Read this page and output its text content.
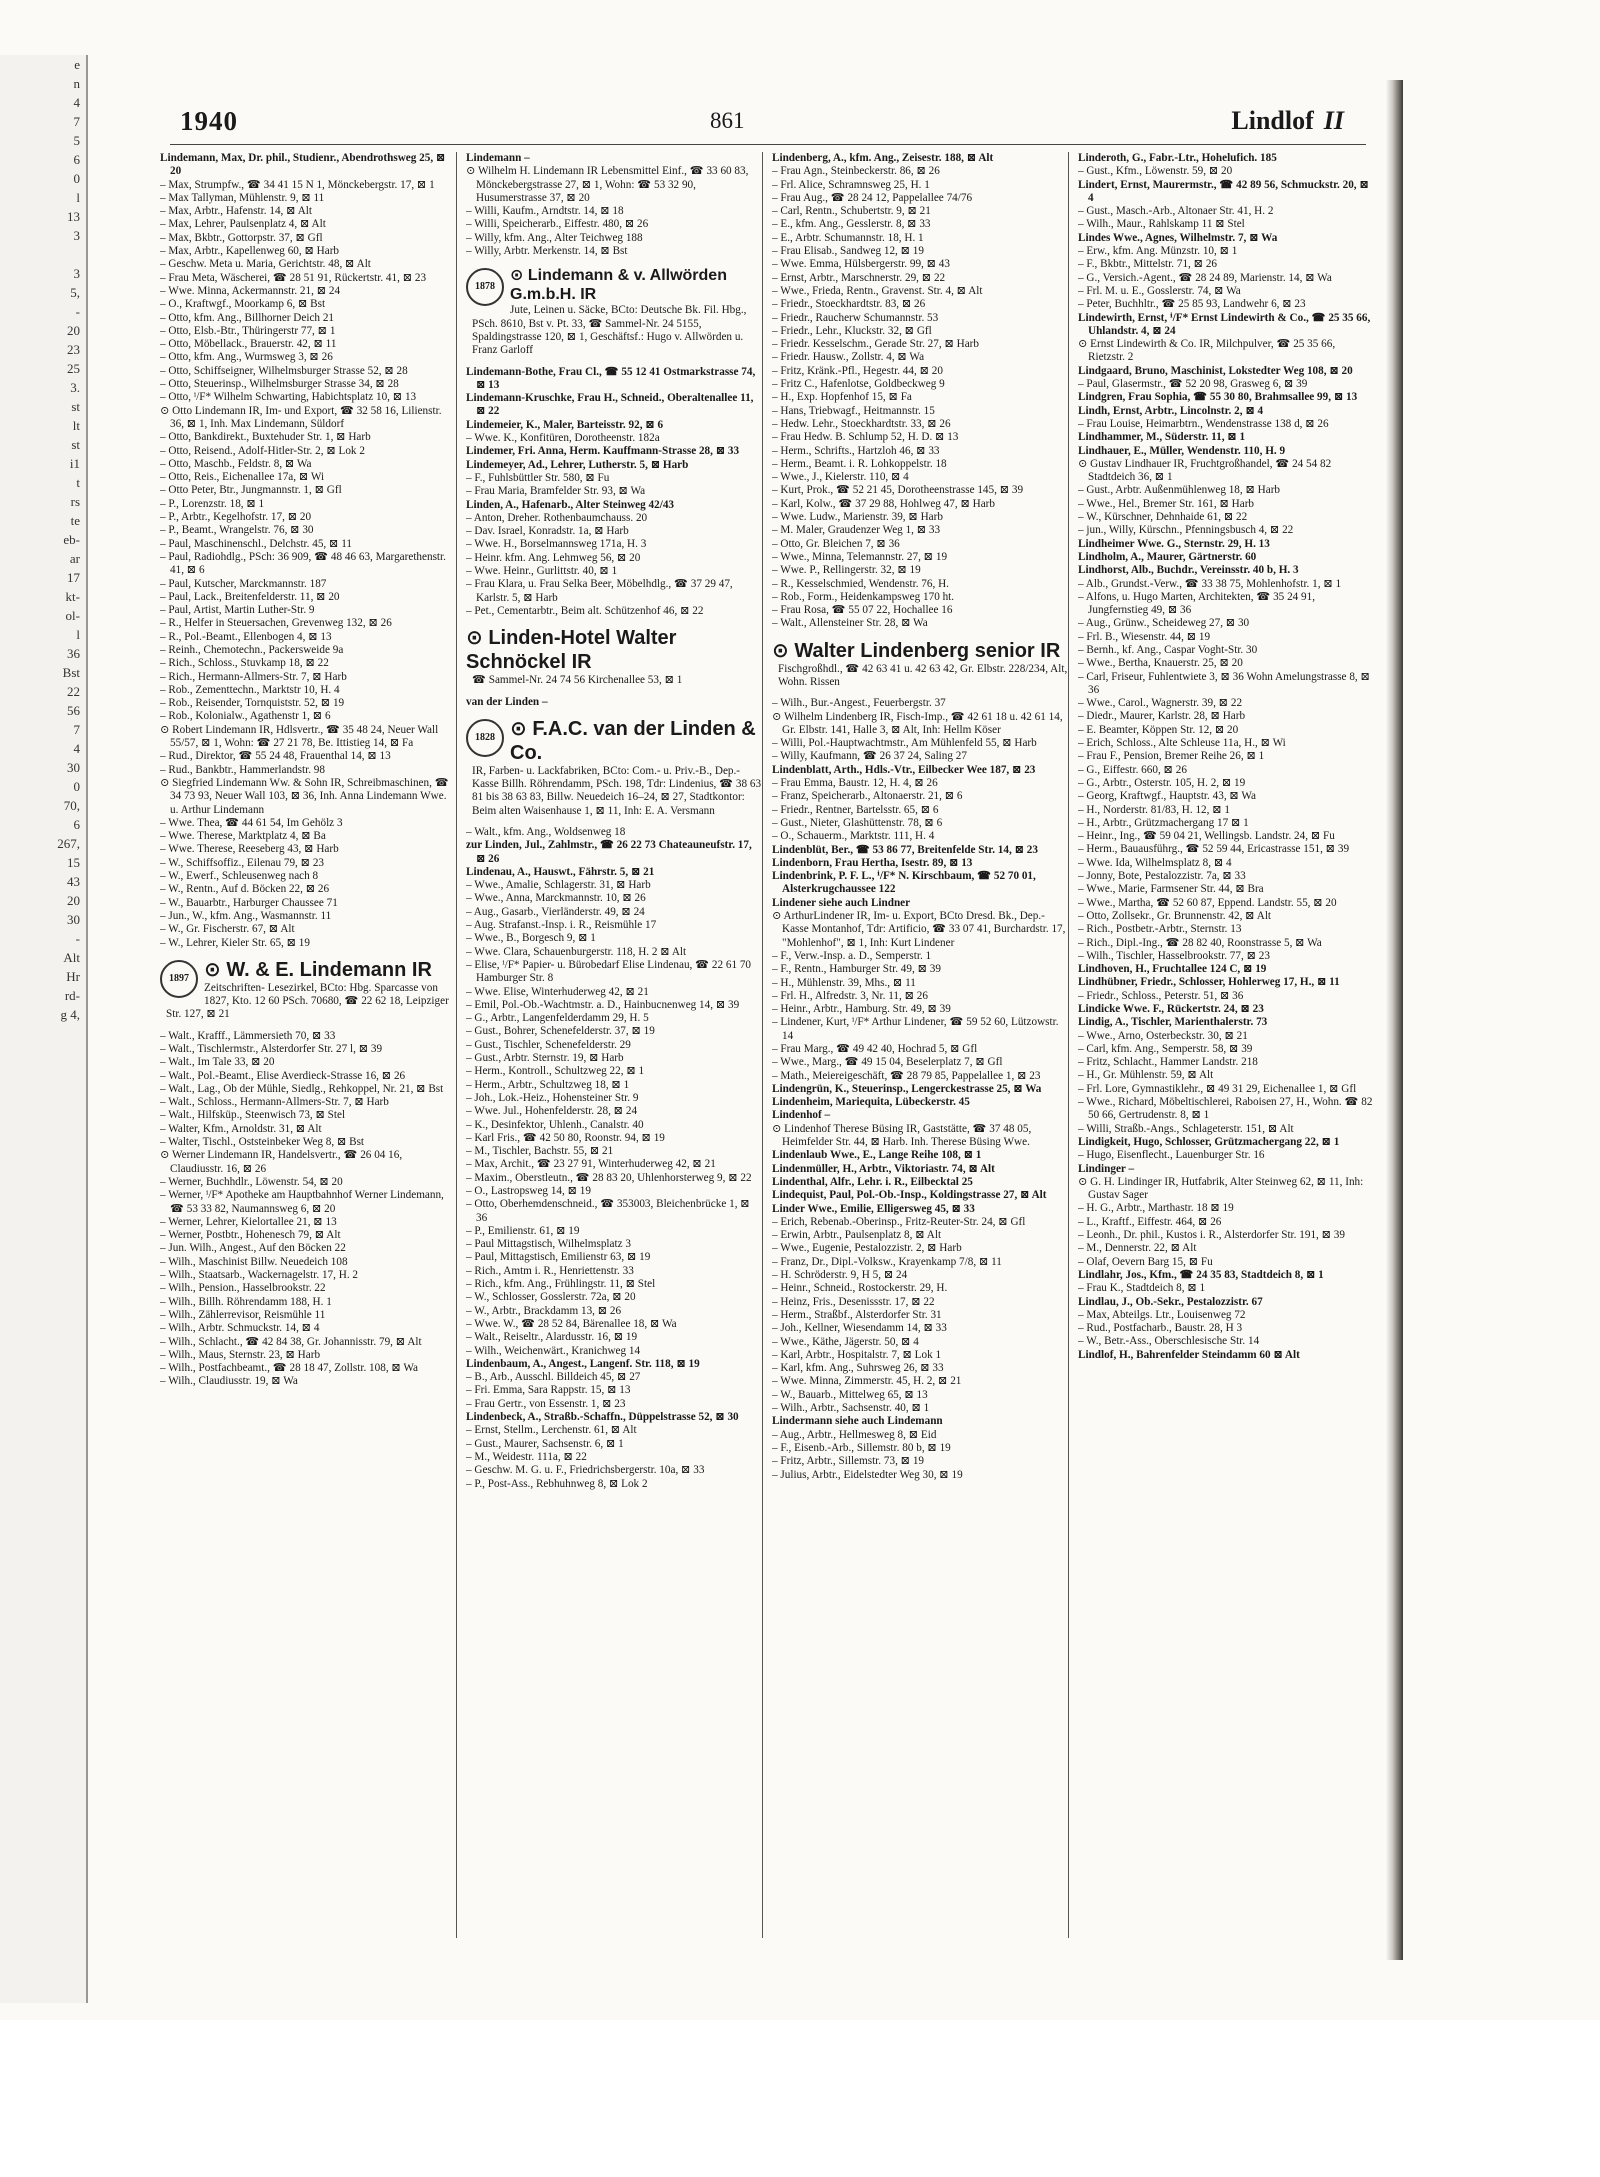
e
n
4
7
5
6
0
l
13
3

3
5,
-
20
23
25
3.
st
lt
st
i1
t
rs
te
eb-
ar
17
kt-
ol-
l
36
Bst
22
56
7
4
30
0
70,
6
267,
15
43
20
30
-
Alt
Hr
rd-
g 4,
1940	861	Lindlof II

Lindemann, Max, Dr. phil., Studienr., Abendrothsweg 25, ⊠ 20

– Max, Strumpfw., ☎ 34 41 15 N 1, Mönckebergstr. 17, ⊠ 1

– Max Tallyman, Mühlenstr. 9, ⊠ 11

– Max, Arbtr., Hafenstr. 14, ⊠ Alt

– Max, Lehrer, Paulsenplatz 4, ⊠ Alt

– Max, Bkbtr., Gottorpstr. 37, ⊠ Gfl

– Max, Arbtr., Kapellenweg 60, ⊠ Harb

– Geschw. Meta u. Maria, Gerichtstr. 48, ⊠ Alt

– Frau Meta, Wäscherei, ☎ 28 51 91, Rückertstr. 41, ⊠ 23

– Wwe. Minna, Ackermannstr. 21, ⊠ 24

– O., Kraftwgf., Moorkamp 6, ⊠ Bst

– Otto, kfm. Ang., Billhorner Deich 21

– Otto, Elsb.-Btr., Thüringerstr 77, ⊠ 1

– Otto, Möbellack., Brauerstr. 42, ⊠ 11

– Otto, kfm. Ang., Wurmsweg 3, ⊠ 26

– Otto, Schiffseigner, Wilhelmsburger Strasse 52, ⊠ 28

– Otto, Steuerinsp., Wilhelmsburger Strasse 34, ⊠ 28

– Otto, ⁱ/F* Wilhelm Schwarting, Habichtsplatz 10, ⊠ 13

⊙ Otto Lindemann IR, Im- und Export, ☎ 32 58 16, Lilienstr. 36, ⊠ 1, Inh. Max Lindemann, Süldorf

– Otto, Bankdirekt., Buxtehuder Str. 1, ⊠ Harb

– Otto, Reisend., Adolf-Hitler-Str. 2, ⊠ Lok 2

– Otto, Maschb., Feldstr. 8, ⊠ Wa

– Otto, Reis., Eichenallee 17a, ⊠ Wi

– Otto Peter, Btr., Jungmannstr. 1, ⊠ Gfl

– P., Lorenzstr. 18, ⊠ 1

– P., Arbtr., Kegelhofstr. 17, ⊠ 20

– P., Beamt., Wrangelstr. 76, ⊠ 30

– Paul, Maschinenschl., Delchstr. 45, ⊠ 11

– Paul, Radiohdlg., PSch: 36 909, ☎ 48 46 63, Margarethenstr. 41, ⊠ 6

– Paul, Kutscher, Marckmannstr. 187

– Paul, Lack., Breitenfelderstr. 11, ⊠ 20

– Paul, Artist, Martin Luther-Str. 9

– R., Helfer in Steuersachen, Grevenweg 132, ⊠ 26

– R., Pol.-Beamt., Ellenbogen 4, ⊠ 13

– Reinh., Chemotechn., Packersweide 9a

– Rich., Schloss., Stuvkamp 18, ⊠ 22

– Rich., Hermann-Allmers-Str. 7, ⊠ Harb

– Rob., Zementtechn., Marktstr 10, H. 4

– Rob., Reisender, Tornquiststr. 52, ⊠ 19

– Rob., Kolonialw., Agathenstr 1, ⊠ 6

⊙ Robert Lindemann IR, Hdlsvertr., ☎ 35 48 24, Neuer Wall 55/57, ⊠ 1, Wohn: ☎ 27 21 78, Be. Ittistieg 14, ⊠ Fa

– Rud., Direktor, ☎ 55 24 48, Frauenthal 14, ⊠ 13

– Rud., Bankbtr., Hammerlandstr. 98

⊙ Siegfried Lindemann Ww. & Sohn IR, Schreibmaschinen, ☎ 34 73 93, Neuer Wall 103, ⊠ 36, Inh. Anna Lindemann Wwe. u. Arthur Lindemann

– Wwe. Thea, ☎ 44 61 54, Im Gehölz 3

– Wwe. Therese, Marktplatz 4, ⊠ Ba

– Wwe. Therese, Reeseberg 43, ⊠ Harb

– W., Schiffsoffiz., Eilenau 79, ⊠ 23

– W., Ewerf., Schleusenweg nach 8

– W., Rentn., Auf d. Böcken 22, ⊠ 26

– W., Bauarbtr., Harburger Chaussee 71

– Jun., W., kfm. Ang., Wasmannstr. 11

– W., Gr. Fischerstr. 67, ⊠ Alt

– W., Lehrer, Kieler Str. 65, ⊠ 19

1897 ⊙ W. & E. Lindemann IR
Zeitschriften- Lesezirkel, BCto: Hbg. Sparcasse von 1827, Kto. 12 60 PSch. 70680, ☎ 22 62 18, Leipziger Str. 127, ⊠ 21

– Walt., Krafff., Lämmersieth 70, ⊠ 33

– Walt., Tischlermstr., Alsterdorfer Str. 27 l, ⊠ 39

– Walt., Im Tale 33, ⊠ 20

– Walt., Pol.-Beamt., Elise Averdieck-Strasse 16, ⊠ 26

– Walt., Lag., Ob der Mühle, Siedlg., Rehkoppel, Nr. 21, ⊠ Bst

– Walt., Schloss., Hermann-Allmers-Str. 7, ⊠ Harb

– Walt., Hilfsküp., Steenwisch 73, ⊠ Stel

– Walter, Kfm., Arnoldstr. 31, ⊠ Alt

– Walter, Tischl., Oststeinbeker Weg 8, ⊠ Bst

⊙ Werner Lindemann IR, Handelsvertr., ☎ 26 04 16, Claudiusstr. 16, ⊠ 26

– Werner, Buchhdlr., Löwenstr. 54, ⊠ 20

– Werner, ⁱ/F* Apotheke am Hauptbahnhof Werner Lindemann, ☎ 53 33 82, Naumannsweg 6, ⊠ 20

– Werner, Lehrer, Kielortallee 21, ⊠ 13

– Werner, Postbtr., Hohenesch 79, ⊠ Alt

– Jun. Wilh., Angest., Auf den Böcken 22

– Wilh., Maschinist Billw. Neuedeich 108

– Wilh., Staatsarb., Wackernagelstr. 17, H. 2

– Wilh., Pension., Hasselbrookstr. 22

– Wilh., Billh. Röhrendamm 188, H. 1

– Wilh., Zählerrevisor, Reismühle 11

– Wilh., Arbtr. Schmuckstr. 14, ⊠ 4

– Wilh., Schlacht., ☎ 42 84 38, Gr. Johannisstr. 79, ⊠ Alt

– Wilh., Maus, Sternstr. 23, ⊠ Harb

– Wilh., Postfachbeamt., ☎ 28 18 47, Zollstr. 108, ⊠ Wa

– Wilh., Claudiusstr. 19, ⊠ Wa

Lindemann –

⊙ Wilhelm H. Lindemann IR Lebensmittel Einf., ☎ 33 60 83, Mönckebergstrasse 27, ⊠ 1, Wohn: ☎ 53 32 90, Husumerstrasse 37, ⊠ 20

– Willi, Kaufm., Arndtstr. 14, ⊠ 18

– Willi, Speicherarb., Eiffestr. 480, ⊠ 26

– Willy, kfm. Ang., Alter Teichweg 188

– Willy, Arbtr. Merkenstr. 14, ⊠ Bst

1878
⊙ Lindemann & v. Allwörden G.m.b.H. IR
Jute, Leinen u. Säcke, BCto: Deutsche Bk. Fil. Hbg., PSch. 8610, Bst v. Pt. 33, ☎ Sammel-Nr. 24 5155, Spaldingstrasse 120, ⊠ 1, Geschäftsf.: Hugo v. Allwörden u. Franz Garloff

Lindemann-Bothe, Frau Cl., ☎ 55 12 41 Ostmarkstrasse 74, ⊠ 13

Lindemann-Kruschke, Frau H., Schneid., Oberaltenallee 11, ⊠ 22

Lindemeier, K., Maler, Barteisstr. 92, ⊠ 6

– Wwe. K., Konfitüren, Dorotheenstr. 182a

Lindemer, Fri. Anna, Herm. Kauffmann-Strasse 28, ⊠ 33

Lindemeyer, Ad., Lehrer, Lutherstr. 5, ⊠ Harb

– F., Fuhlsbüttler Str. 580, ⊠ Fu

– Frau Maria, Bramfelder Str. 93, ⊠ Wa

Linden, A., Hafenarb., Alter Steinweg 42/43

– Anton, Dreher. Rothenbaumchauss. 20

– Dav. Israel, Konradstr. 1a, ⊠ Harb

– Wwe. H., Borselmannsweg 171a, H. 3

– Heinr. kfm. Ang. Lehmweg 56, ⊠ 20

– Wwe. Heinr., Gurlittstr. 40, ⊠ 1

– Frau Klara, u. Frau Selka Beer, Möbelhdlg., ☎ 37 29 47, Karlstr. 5, ⊠ Harb

– Pet., Cementarbtr., Beim alt. Schützenhof 46, ⊠ 22

⊙ Linden-Hotel Walter Schnöckel IR
☎ Sammel-Nr. 24 74 56 Kirchenallee 53, ⊠ 1

van der Linden –

1828 ⊙ F.A.C. van der Linden & Co.
IR, Farben- u. Lackfabriken, BCto: Com.- u. Priv.-B., Dep.-Kasse Billh. Röhrendamm, PSch. 198, Tdr: Lindenius, ☎ 38 63 81 bis 38 63 83, Billw. Neuedeich 16–24, ⊠ 27, Stadtkontor: Beim alten Waisenhause 1, ⊠ 11, Inh: E. A. Versmann

– Walt., kfm. Ang., Woldsenweg 18

zur Linden, Jul., Zahlmstr., ☎ 26 22 73 Chateauneufstr. 17, ⊠ 26

Lindenau, A., Hauswt., Fährstr. 5, ⊠ 21

– Wwe., Amalie, Schlagerstr. 31, ⊠ Harb

– Wwe., Anna, Marckmannstr. 10, ⊠ 26

– Aug., Gasarb., Vierländerstr. 49, ⊠ 24

– Aug. Strafanst.-Insp. i. R., Reismühle 17

– Wwe., B., Borgesch 9, ⊠ 1

– Wwe. Clara, Schauenburgerstr. 118, H. 2 ⊠ Alt

– Elise, ⁱ/F* Papier- u. Bürobedarf Elise Lindenau, ☎ 22 61 70 Hamburger Str. 8

– Wwe. Elise, Winterhuderweg 42, ⊠ 21

– Emil, Pol.-Ob.-Wachtmstr. a. D., Hainbucnenweg 14, ⊠ 39

– G., Arbtr., Langenfelderdamm 29, H. 5

– Gust., Bohrer, Schenefelderstr. 37, ⊠ 19

– Gust., Tischler, Schenefelderstr. 29

– Gust., Arbtr. Sternstr. 19, ⊠ Harb

– Herm., Kontroll., Schultzweg 22, ⊠ 1

– Herm., Arbtr., Schultzweg 18, ⊠ 1

– Joh., Lok.-Heiz., Hohensteiner Str. 9

– Wwe. Jul., Hohenfelderstr. 28, ⊠ 24

– K., Desinfektor, Uhlenh., Canalstr. 40

– Karl Fris., ☎ 42 50 80, Roonstr. 94, ⊠ 19

– M., Tischler, Bachstr. 55, ⊠ 21

– Max, Archit., ☎ 23 27 91, Winterhuderweg 42, ⊠ 21

– Maxim., Oberstleutn., ☎ 28 83 20, Uhlenhorsterweg 9, ⊠ 22

– O., Lastropsweg 14, ⊠ 19

– Otto, Oberhemdenschneid., ☎ 353003, Bleichenbrücke 1, ⊠ 36

– P., Emilienstr. 61, ⊠ 19

– Paul Mittagstisch, Wilhelmsplatz 3

– Paul, Mittagstisch, Emilienstr 63, ⊠ 19

– Rich., Amtm i. R., Henriettenstr. 33

– Rich., kfm. Ang., Frühlingstr. 11, ⊠ Stel

– W., Schlosser, Gosslerstr. 72a, ⊠ 20

– W., Arbtr., Brackdamm 13, ⊠ 26

– Wwe. W., ☎ 28 52 84, Bärenallee 18, ⊠ Wa

– Walt., Reiseltr., Alardusstr. 16, ⊠ 19

– Wilh., Weichenwärt., Kranichweg 14

Lindenbaum, A., Angest., Langenf. Str. 118, ⊠ 19

– B., Arb., Ausschl. Billdeich 45, ⊠ 27

– Fri. Emma, Sara Rappstr. 15, ⊠ 13

– Frau Gertr., von Essenstr. 1, ⊠ 23

Lindenbeck, A., Straßb.-Schaffn., Düppelstrasse 52, ⊠ 30

– Ernst, Stellm., Lerchenstr. 61, ⊠ Alt

– Gust., Maurer, Sachsenstr. 6, ⊠ 1

– M., Weidestr. 111a, ⊠ 22

– Geschw. M. G. u. F., Friedrichsbergerstr. 10a, ⊠ 33

– P., Post-Ass., Rebhuhnweg 8, ⊠ Lok 2

Lindenberg, A., kfm. Ang., Zeisestr. 188, ⊠ Alt

– Frau Agn., Steinbeckerstr. 86, ⊠ 26

– Frl. Alice, Schramnsweg 25, H. 1

– Frau Aug., ☎ 28 24 12, Pappelallee 74/76

– Carl, Rentn., Schubertstr. 9, ⊠ 21

– E., kfm. Ang., Gesslerstr. 8, ⊠ 33

– E., Arbtr. Schumannstr. 18, H. 1

– Frau Elisab., Sandweg 12, ⊠ 19

– Wwe. Emma, Hülsbergerstr. 99, ⊠ 43

– Ernst, Arbtr., Marschnerstr. 29, ⊠ 22

– Wwe., Frieda, Rentn., Gravenst. Str. 4, ⊠ Alt

– Friedr., Stoeckhardtstr. 83, ⊠ 26

– Friedr., Raucherw Schumannstr. 53

– Friedr., Lehr., Kluckstr. 32, ⊠ Gfl

– Friedr. Kesselschm., Gerade Str. 27, ⊠ Harb

– Friedr. Hausw., Zollstr. 4, ⊠ Wa

– Fritz, Kränk.-Pfl., Hegestr. 44, ⊠ 20

– Fritz C., Hafenlotse, Goldbeckweg 9

– H., Exp. Hopfenhof 15, ⊠ Fa

– Hans, Triebwagf., Heitmannstr. 15

– Hedw. Lehr., Stoeckhardtstr. 33, ⊠ 26

– Frau Hedw. B. Schlump 52, H. D. ⊠ 13

– Herm., Schrifts., Hartzloh 46, ⊠ 33

– Herm., Beamt. i. R. Lohkoppelstr. 18

– Wwe., J., Kielerstr. 110, ⊠ 4

– Kurt, Prok., ☎ 52 21 45, Dorotheenstrasse 145, ⊠ 39

– Karl, Kolw., ☎ 37 29 88, Hohlweg 47, ⊠ Harb

– Wwe. Ludw., Marienstr. 39, ⊠ Harb

– M. Maler, Graudenzer Weg 1, ⊠ 33

– Otto, Gr. Bleichen 7, ⊠ 36

– Wwe., Minna, Telemannstr. 27, ⊠ 19

– Wwe. P., Rellingerstr. 32, ⊠ 19

– R., Kesselschmied, Wendenstr. 76, H.

– Rob., Form., Heidenkampsweg 170 ht.

– Frau Rosa, ☎ 55 07 22, Hochallee 16

– Walt., Allensteiner Str. 28, ⊠ Wa

⊙ Walter Lindenberg senior IR
Fischgroßhdl., ☎ 42 63 41 u. 42 63 42, Gr. Elbstr. 228/234, Alt, Wohn. Rissen

– Wilh., Bur.-Angest., Feuerbergstr. 37

⊙ Wilhelm Lindenberg IR, Fisch-Imp., ☎ 42 61 18 u. 42 61 14, Gr. Elbstr. 141, Halle 3, ⊠ Alt, Inh: Hellm Köser

– Willi, Pol.-Hauptwachtmstr., Am Mühlenfeld 55, ⊠ Harb

– Willy, Kaufmann, ☎ 26 37 24, Saling 27

Lindenblatt, Arth., Hdls.-Vtr., Eilbecker Wee 187, ⊠ 23

– Frau Emma, Baustr. 12, H. 4, ⊠ 26

– Franz, Speicherarb., Altonaerstr. 21, ⊠ 6

– Friedr., Rentner, Bartelsstr. 65, ⊠ 6

– Gust., Nieter, Glashüttenstr. 78, ⊠ 6

– O., Schauerm., Marktstr. 111, H. 4

Lindenblüt, Ber., ☎ 53 86 77, Breitenfelde Str. 14, ⊠ 23

Lindenborn, Frau Hertha, Isestr. 89, ⊠ 13

Lindenbrink, P. F. L., ⁱ/F* N. Kirschbaum, ☎ 52 70 01, Alsterkrugchaussee 122

Lindener siehe auch Lindner

⊙ ArthurLindener IR, Im- u. Export, BCto Dresd. Bk., Dep.-Kasse Montanhof, Tdr: Artificio, ☎ 33 07 41, Burchardstr. 17, "Mohlenhof", ⊠ 1, Inh: Kurt Lindener

– F., Verw.-Insp. a. D., Semperstr. 1

– F., Rentn., Hamburger Str. 49, ⊠ 39

– H., Mühlenstr. 39, Mhs., ⊠ 11

– Frl. H., Alfredstr. 3, Nr. 11, ⊠ 26

– Heinr., Arbtr., Hamburg. Str. 49, ⊠ 39

– Lindener, Kurt, ⁱ/F* Arthur Lindener, ☎ 59 52 60, Lützowstr. 14

– Frau Marg., ☎ 49 42 40, Hochrad 5, ⊠ Gfl

– Wwe., Marg., ☎ 49 15 04, Beselerplatz 7, ⊠ Gfl

– Math., Meiereigeschäft, ☎ 28 79 85, Pappelallee 1, ⊠ 23

Lindengrün, K., Steuerinsp., Lengerckestrasse 25, ⊠ Wa

Lindenheim, Mariequita, Lübeckerstr. 45

Lindenhof –

⊙ Lindenhof Therese Büsing IR, Gaststätte, ☎ 37 48 05, Heimfelder Str. 44, ⊠ Harb. Inh. Therese Büsing Wwe.

Lindenlaub Wwe., E., Lange Reihe 108, ⊠ 1

Lindenmüller, H., Arbtr., Viktoriastr. 74, ⊠ Alt

Lindenthal, Alfr., Lehr. i. R., Eilbecktal 25

Lindequist, Paul, Pol.-Ob.-Insp., Koldingstrasse 27, ⊠ Alt

Linder Wwe., Emilie, Elligersweg 45, ⊠ 33

– Erich, Rebenab.-Oberinsp., Fritz-Reuter-Str. 24, ⊠ Gfl

– Erwin, Arbtr., Paulsenplatz 8, ⊠ Alt

– Wwe., Eugenie, Pestalozzistr. 2, ⊠ Harb

– Franz, Dr., Dipl.-Volksw., Krayenkamp 7/8, ⊠ 11

– H. Schröderstr. 9, H 5, ⊠ 24

– Heinr., Schneid., Rostockerstr. 29, H.

– Heinz, Fris., Desenissstr. 17, ⊠ 22

– Herm., Straßbf., Alsterdorfer Str. 31

– Joh., Kellner, Wiesendamm 14, ⊠ 33

– Wwe., Käthe, Jägerstr. 50, ⊠ 4

– Karl, Arbtr., Hospitalstr. 7, ⊠ Lok 1

– Karl, kfm. Ang., Suhrsweg 26, ⊠ 33

– Wwe. Minna, Zimmerstr. 45, H. 2, ⊠ 21

– W., Bauarb., Mittelweg 65, ⊠ 13

– Wilh., Arbtr., Sachsenstr. 40, ⊠ 1

Lindermann siehe auch Lindemann

– Aug., Arbtr., Hellmesweg 8, ⊠ Eid

– F., Eisenb.-Arb., Sillemstr. 80 b, ⊠ 19

– Fritz, Arbtr., Sillemstr. 73, ⊠ 19

– Julius, Arbtr., Eidelstedter Weg 30, ⊠ 19

Linderoth, G., Fabr.-Ltr., Hohelufich. 185

– Gust., Kfm., Löwenstr. 59, ⊠ 20

Lindert, Ernst, Maurermstr., ☎ 42 89 56, Schmuckstr. 20, ⊠ 4

– Gust., Masch.-Arb., Altonaer Str. 41, H. 2

– Wilh., Maur., Rahlskamp 11 ⊠ Stel

Lindes Wwe., Agnes, Wilhelmstr. 7, ⊠ Wa

– Erw., kfm. Ang. Münzstr. 10, ⊠ 1

– F., Bkbtr., Mittelstr. 71, ⊠ 26

– G., Versich.-Agent., ☎ 28 24 89, Marienstr. 14, ⊠ Wa

– Frl. M. u. E., Gosslerstr. 74, ⊠ Wa

– Peter, Buchhltr., ☎ 25 85 93, Landwehr 6, ⊠ 23

Lindewirth, Ernst, ⁱ/F* Ernst Lindewirth & Co., ☎ 25 35 66, Uhlandstr. 4, ⊠ 24

⊙ Ernst Lindewirth & Co. IR, Milchpulver, ☎ 25 35 66, Rietzstr. 2

Lindgaard, Bruno, Maschinist, Lokstedter Weg 108, ⊠ 20

– Paul, Glasermstr., ☎ 52 20 98, Grasweg 6, ⊠ 39

Lindgren, Frau Sophia, ☎ 55 30 80, Brahmsallee 99, ⊠ 13

Lindh, Ernst, Arbtr., Lincolnstr. 2, ⊠ 4

– Frau Louise, Heimarbtrn., Wendenstrasse 138 d, ⊠ 26

Lindhammer, M., Süderstr. 11, ⊠ 1

Lindhauer, E., Müller, Wendenstr. 110, H. 9

⊙ Gustav Lindhauer IR, Fruchtgroßhandel, ☎ 24 54 82 Stadtdeich 36, ⊠ 1

– Gust., Arbtr. Außenmühlenweg 18, ⊠ Harb

– Wwe., Hel., Bremer Str. 161, ⊠ Harb

– W., Kürschner, Dehnhaide 61, ⊠ 22

– jun., Willy, Kürschn., Pfenningsbusch 4, ⊠ 22

Lindheimer Wwe. G., Sternstr. 29, H. 13

Lindholm, A., Maurer, Gärtnerstr. 60

Lindhorst, Alb., Buchdr., Vereinsstr. 40 b, H. 3

– Alb., Grundst.-Verw., ☎ 33 38 75, Mohlenhofstr. 1, ⊠ 1

– Alfons, u. Hugo Marten, Architekten, ☎ 35 24 91, Jungfernstieg 49, ⊠ 36

– Aug., Grünw., Scheideweg 27, ⊠ 30

– Frl. B., Wiesenstr. 44, ⊠ 19

– Bernh., kf. Ang., Caspar Voght-Str. 30

– Wwe., Bertha, Knauerstr. 25, ⊠ 20

– Carl, Friseur, Fuhlentwiete 3, ⊠ 36 Wohn Amelungstrasse 8, ⊠ 36

– Wwe., Carol., Wagnerstr. 39, ⊠ 22

– Diedr., Maurer, Karlstr. 28, ⊠ Harb

– E. Beamter, Köppen Str. 12, ⊠ 20

– Erich, Schloss., Alte Schleuse 11a, H., ⊠ Wi

– Frau F., Pension, Bremer Reihe 26, ⊠ 1

– G., Eiffestr. 660, ⊠ 26

– G., Arbtr., Osterstr. 105, H. 2, ⊠ 19

– Georg, Kraftwgf., Hauptstr. 43, ⊠ Wa

– H., Norderstr. 81/83, H. 12, ⊠ 1

– H., Arbtr., Grützmachergang 17 ⊠ 1

– Heinr., Ing., ☎ 59 04 21, Wellingsb. Landstr. 24, ⊠ Fu

– Herm., Bauausführg., ☎ 52 59 44, Ericastrasse 151, ⊠ 39

– Wwe. Ida, Wilhelmsplatz 8, ⊠ 4

– Jonny, Bote, Pestalozzistr. 7a, ⊠ 33

– Wwe., Marie, Farmsener Str. 44, ⊠ Bra

– Wwe., Martha, ☎ 52 60 87, Eppend. Landstr. 55, ⊠ 20

– Otto, Zollsekr., Gr. Brunnenstr. 42, ⊠ Alt

– Rich., Postbetr.-Arbtr., Sternstr. 13

– Rich., Dipl.-Ing., ☎ 28 82 40, Roonstrasse 5, ⊠ Wa

– Wilh., Tischler, Hasselbrookstr. 77, ⊠ 23

Lindhoven, H., Fruchtallee 124 C, ⊠ 19

Lindhübner, Friedr., Schlosser, Hohlerweg 17, H., ⊠ 11

– Friedr., Schloss., Peterstr. 51, ⊠ 36

Lindicke Wwe. F., Rückertstr. 24, ⊠ 23

Lindig, A., Tischler, Marienthalerstr. 73

– Wwe., Arno, Osterbeckstr. 30, ⊠ 21

– Carl, kfm. Ang., Semperstr. 58, ⊠ 39

– Fritz, Schlacht., Hammer Landstr. 218

– H., Gr. Mühlenstr. 59, ⊠ Alt

– Frl. Lore, Gymnastiklehr., ⊠ 49 31 29, Eichenallee 1, ⊠ Gfl

– Wwe., Richard, Möbeltischlerei, Raboisen 27, H., Wohn. ☎ 82 50 66, Gertrudenstr. 8, ⊠ 1

– Willi, Straßb.-Angs., Schlageterstr. 151, ⊠ Alt

Lindigkeit, Hugo, Schlosser, Grützmachergang 22, ⊠ 1

– Hugo, Eisenflecht., Lauenburger Str. 16

Lindinger –

⊙ G. H. Lindinger IR, Hutfabrik, Alter Steinweg 62, ⊠ 11, Inh: Gustav Sager

– H. G., Arbtr., Marthastr. 18 ⊠ 19

– L., Kraftf., Eiffestr. 464, ⊠ 26

– Leonh., Dr. phil., Kustos i. R., Alsterdorfer Str. 191, ⊠ 39

– M., Dennerstr. 22, ⊠ Alt

– Olaf, Oevern Barg 15, ⊠ Fu

Lindlahr, Jos., Kfm., ☎ 24 35 83, Stadtdeich 8, ⊠ 1

– Frau K., Stadtdeich 8, ⊠ 1

Lindlau, J., Ob.-Sekr., Pestalozzistr. 67

– Max, Abteilgs. Ltr., Louisenweg 72

– Rud., Postfacharb., Baustr. 28, H 3

– W., Betr.-Ass., Oberschlesische Str. 14

Lindlof, H., Bahrenfelder Steindamm 60 ⊠ Alt
